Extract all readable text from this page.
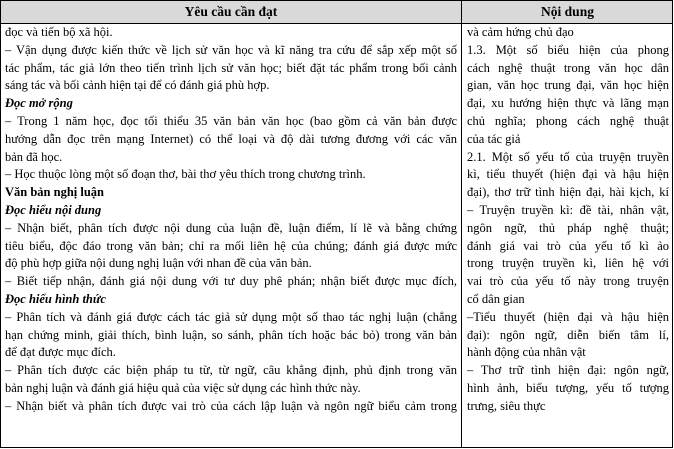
Yêu cầu cần đạt	Nội dung
đọc và tiến bộ xã hội.
– Vận dụng được kiến thức về lịch sử văn học và kĩ năng tra cứu để sắp xếp một số
tác phẩm, tác giả lớn theo tiến trình lịch sử văn học; biết đặt tác phẩm trong bối cảnh
sáng tác và bối cảnh hiện tại để có đánh giá phù hợp.
Đọc mở rộng
– Trong 1 năm học, đọc tối thiểu 35 văn bản văn học (bao gồm cả văn bản được
hướng dẫn đọc trên mạng Internet) có thể loại và độ dài tương đương với các văn
bản đã học.
– Học thuộc lòng một số đoạn thơ, bài thơ yêu thích trong chương trình.
Văn bản nghị luận
Đọc hiểu nội dung
– Nhận biết, phân tích được nội dung của luận đề, luận điểm, lí lẽ và bằng chứng
tiêu biểu, độc đáo trong văn bản; chỉ ra mối liên hệ của chúng; đánh giá được mức
độ phù hợp giữa nội dung nghị luận với nhan đề của văn bản.
– Biết tiếp nhận, đánh giá nội dung với tư duy phê phán; nhận biết được mục đích,
Đọc hiểu hình thức
– Phân tích và đánh giá được cách tác giả sử dụng một số thao tác nghị luận (chẳng
hạn chứng minh, giải thích, bình luận, so sánh, phân tích hoặc bác bỏ) trong văn bản
để đạt được mục đích.
– Phân tích được các biện pháp tu từ, từ ngữ, câu khẳng định, phủ định trong văn
bản nghị luận và đánh giá hiệu quả của việc sử dụng các hình thức này.
– Nhận biết và phân tích được vai trò của cách lập luận và ngôn ngữ biểu cảm trong
và cảm hứng chủ đạo
1.3. Một số biểu hiện của phong
cách nghệ thuật trong văn học dân
gian, văn học trung đại, văn học hiện
đại, xu hướng hiện thực và lãng mạn
chủ nghĩa; phong cách nghệ thuật
của tác giả
2.1. Một số yếu tố của truyện truyền
kì, tiểu thuyết (hiện đại và hậu hiện
đại), thơ trữ tình hiện đại, hài kịch, kí
– Truyện truyền kì: đề tài, nhân vật,
ngôn ngữ, thủ pháp nghệ thuật;
đánh giá vai trò của yếu tố kì ảo
trong truyện truyền kì, liên hệ với
vai trò của yếu tố này trong truyện
cổ dân gian
–Tiểu thuyết (hiện đại và hậu hiện
đại): ngôn ngữ, diễn biến tâm lí,
hành động của nhân vật
– Thơ trữ tình hiện đại: ngôn ngữ,
hình ảnh, biểu tượng, yếu tố tượng
trưng, siêu thực
